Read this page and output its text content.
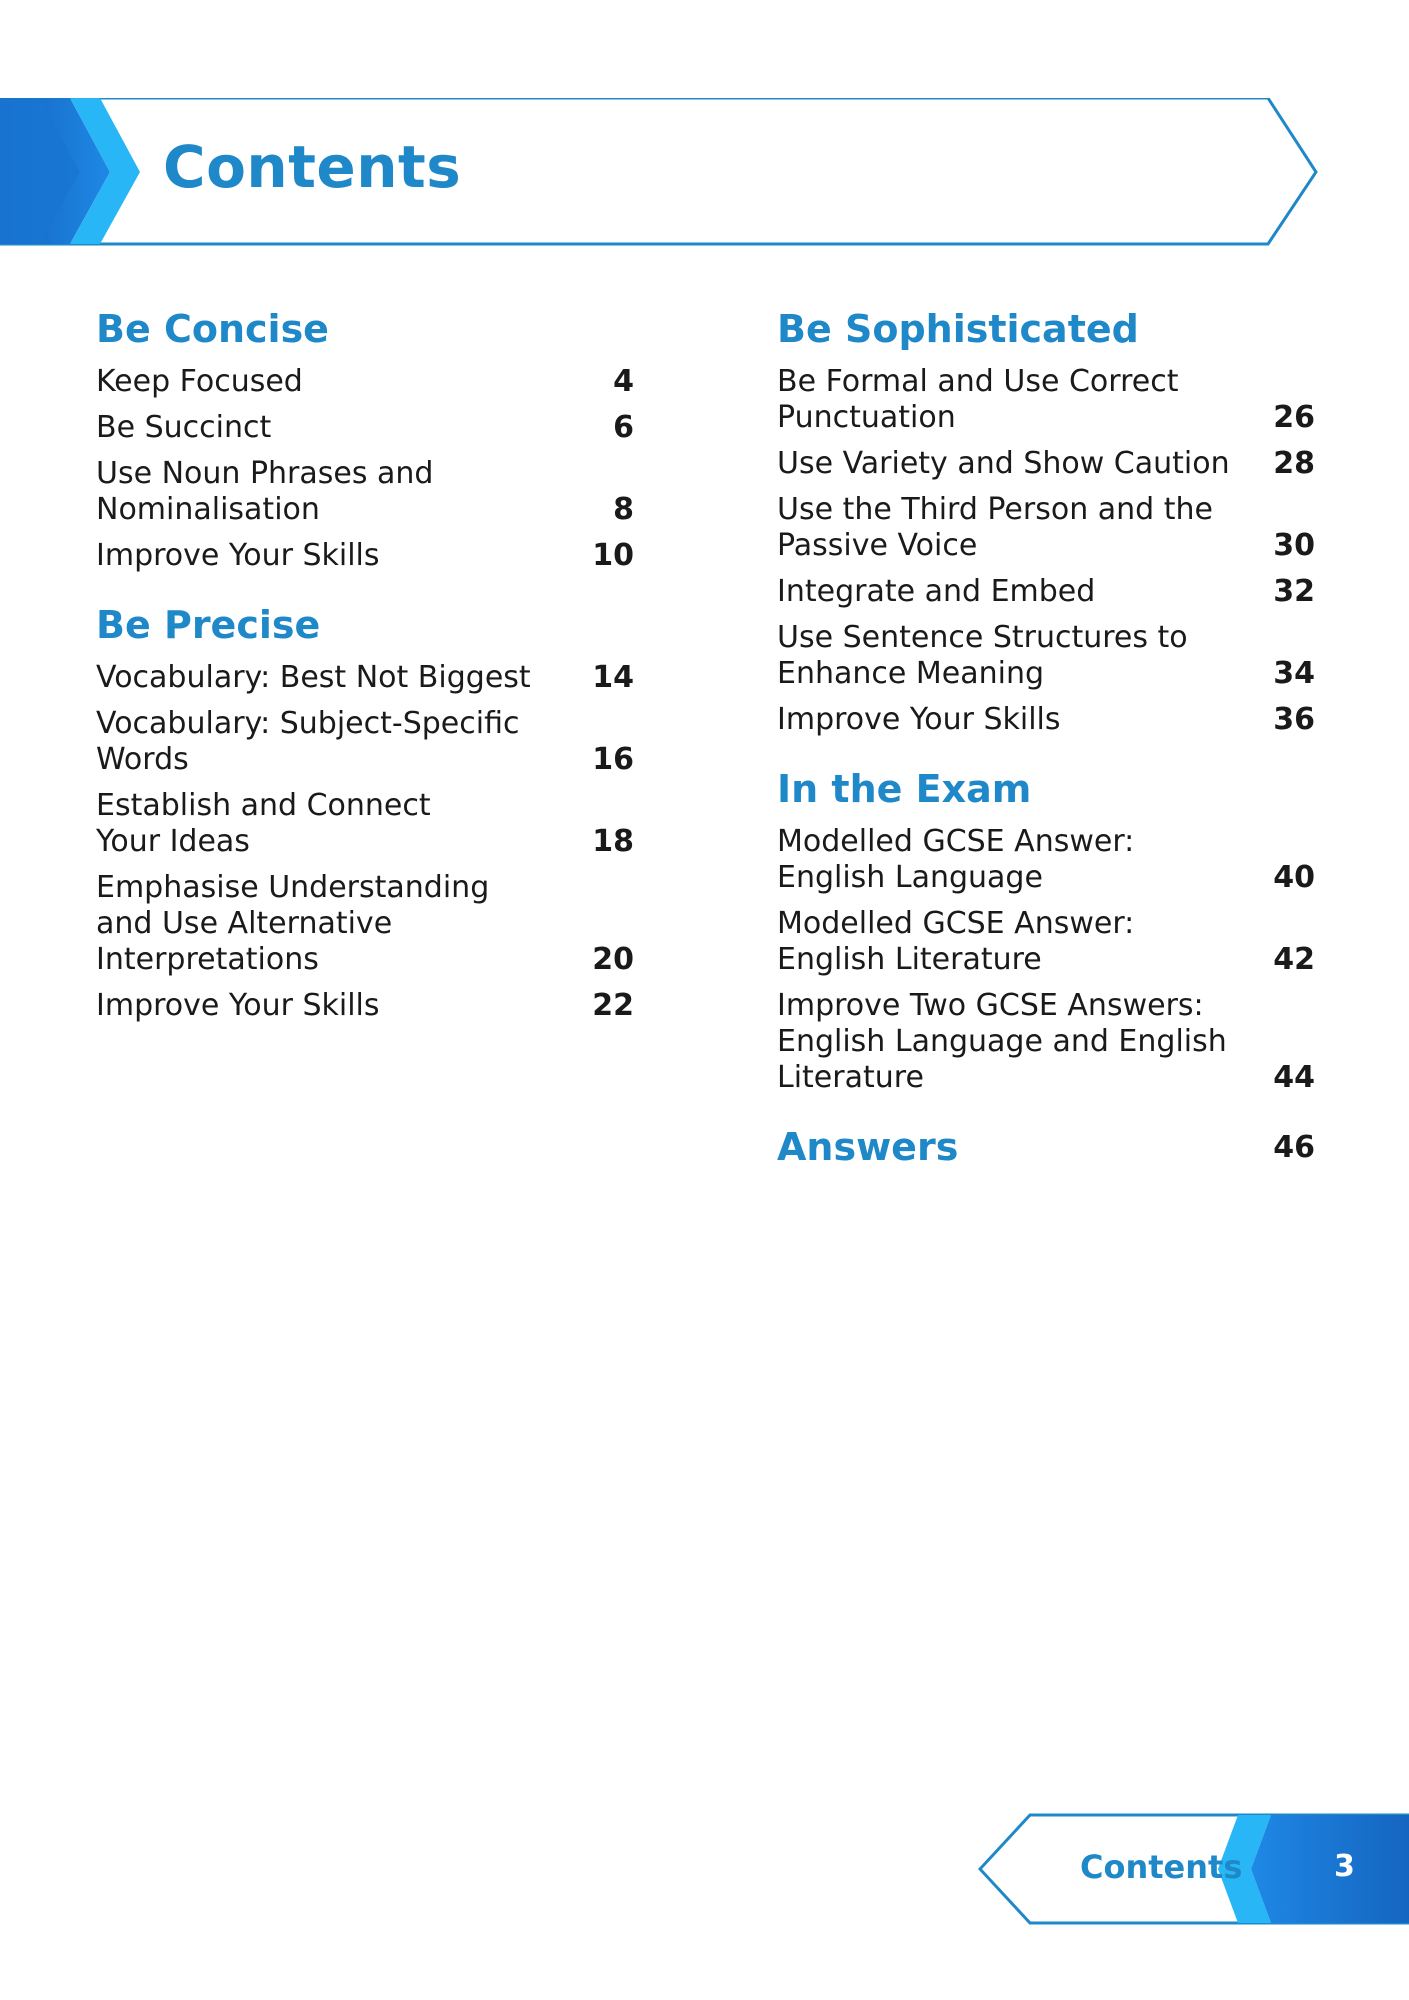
Contents
Be Concise
Keep Focused	4
Be Succinct	6
Use Noun Phrases and
Nominalisation	8
Improve Your Skills	10
Be Precise
Vocabulary: Best Not Biggest	14
Vocabulary: Subject-Specific
Words	16
Establish and Connect
Your Ideas	18
Emphasise Understanding
and Use Alternative
Interpretations	20
Improve Your Skills	22
Be Sophisticated
Be Formal and Use Correct
Punctuation	26
Use Variety and Show Caution	28
Use the Third Person and the
Passive Voice	30
Integrate and Embed	32
Use Sentence Structures to
Enhance Meaning	34
Improve Your Skills	36
In the Exam
Modelled GCSE Answer:
English Language	40
Modelled GCSE Answer:
English Literature	42
Improve Two GCSE Answers:
English Language and English
Literature	44
Answers	46
Contents	3
